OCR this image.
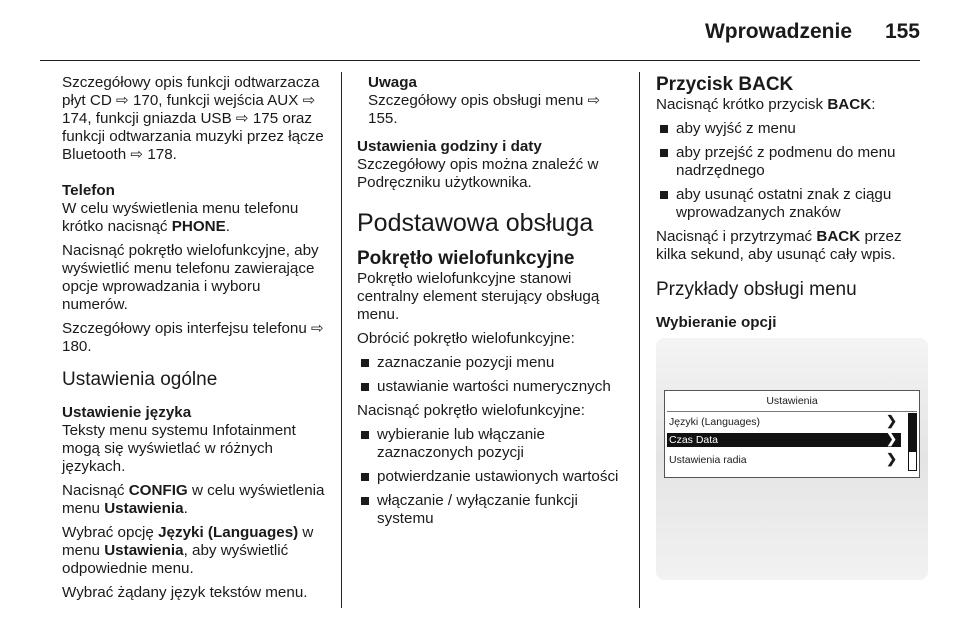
Wprowadzenie 155

Szczegółowy opis funkcji odtwarzacza płyt CD ⇨ 170, funkcji wejścia AUX ⇨ 174, funkcji gniazda USB ⇨ 175 oraz funkcji odtwarzania muzyki przez łącze Bluetooth ⇨ 178.

Telefon

W celu wyświetlenia menu telefonu krótko nacisnąć PHONE.

Nacisnąć pokrętło wielofunkcyjne, aby wyświetlić menu telefonu zawierające opcje wprowadzania i wyboru numerów.

Szczegółowy opis interfejsu telefonu ⇨ 180.

Ustawienia ogólne
Ustawienie języka

Teksty menu systemu Infotainment mogą się wyświetlać w różnych językach.

Nacisnąć CONFIG w celu wyświetlenia menu Ustawienia.

Wybrać opcję Języki (Languages) w menu Ustawienia, aby wyświetlić odpowiednie menu.

Wybrać żądany język tekstów menu.

Uwaga

Szczegółowy opis obsługi menu ⇨ 155.

Ustawienia godziny i daty

Szczegółowy opis można znaleźć w Podręczniku użytkownika.

Podstawowa obsługa
Pokrętło wielofunkcyjne

Pokrętło wielofunkcyjne stanowi centralny element sterujący obsługą menu.

Obrócić pokrętło wielofunkcyjne:

zaznaczanie pozycji menu
ustawianie wartości numerycznych

Nacisnąć pokrętło wielofunkcyjne:

wybieranie lub włączanie zaznaczonych pozycji
potwierdzanie ustawionych wartości
włączanie / wyłączanie funkcji systemu
Przycisk BACK

Nacisnąć krótko przycisk BACK:

aby wyjść z menu
aby przejść z podmenu do menu nadrzędnego
aby usunąć ostatni znak z ciągu wprowadzanych znaków

Nacisnąć i przytrzymać BACK przez kilka sekund, aby usunąć cały wpis.

Przykłady obsługi menu
Wybieranie opcji
Ustawienia
Języki (Languages)	❯
Czas Data	❯
Ustawienia radia	❯
